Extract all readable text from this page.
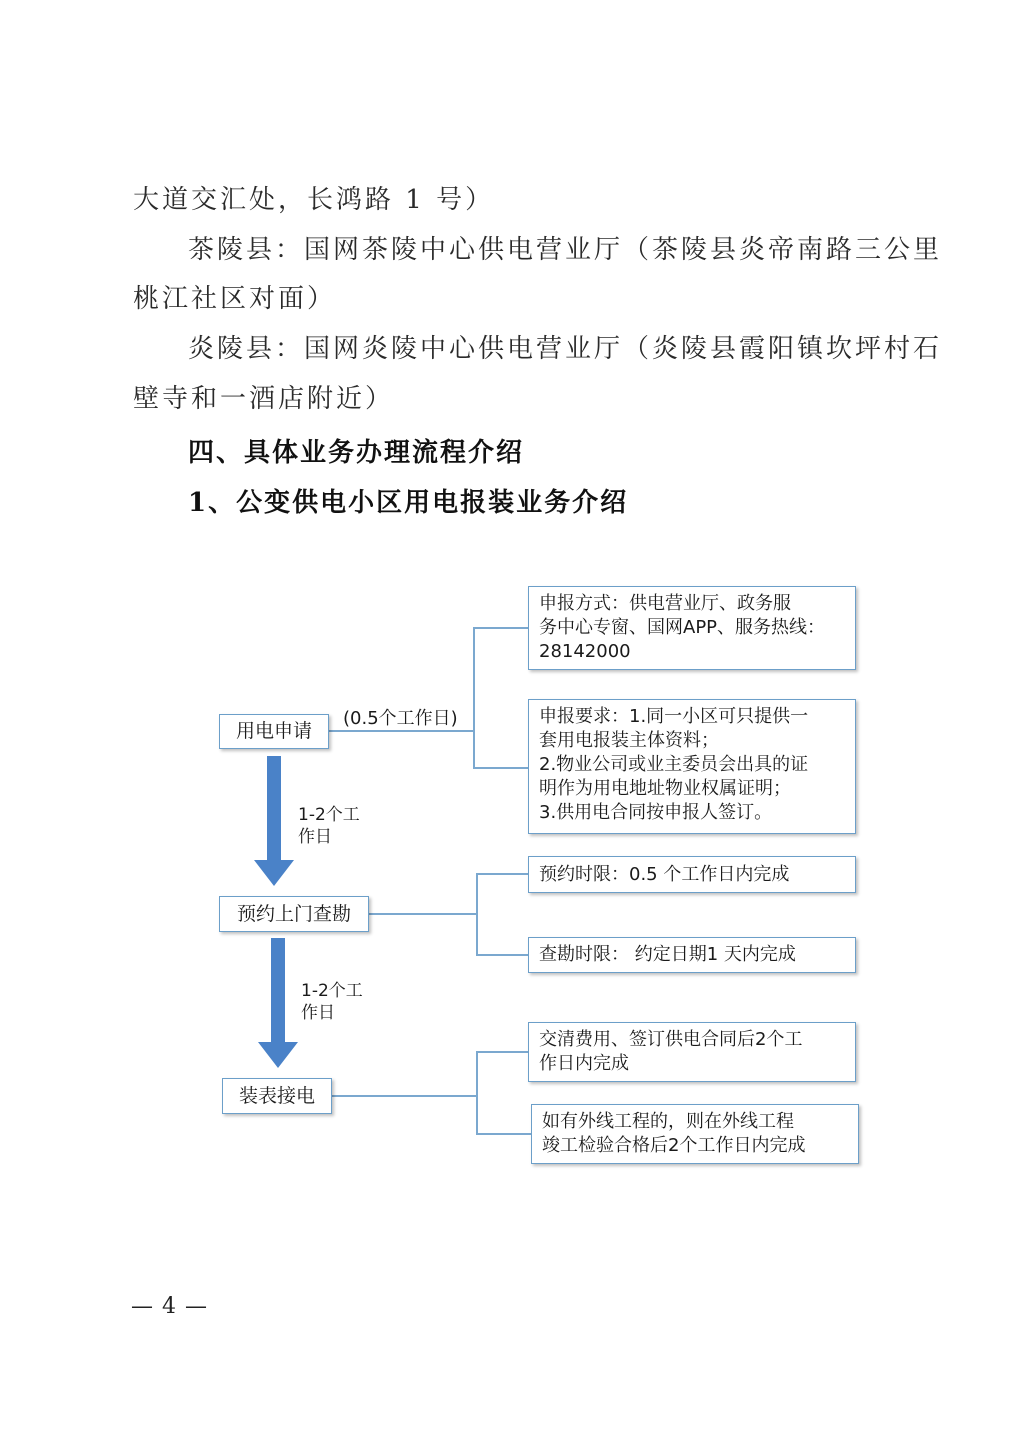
大道交汇处，长鸿路 1 号）
茶陵县：国网茶陵中心供电营业厅（茶陵县炎帝南路三公里
桃江社区对面）
炎陵县：国网炎陵中心供电营业厅（炎陵县霞阳镇坎坪村石
壁寺和一酒店附近）
四、具体业务办理流程介绍
1、公变供电小区用电报装业务介绍
用电申请
预约上门查勘
装表接电
(0.5个工作日)
1-2个工
作日
1-2个工
作日
申报方式：供电营业厅、政务服
务中心专窗、国网APP、服务热线：
28142000
申报要求：1.同一小区可只提供一
套用电报装主体资料；
2.物业公司或业主委员会出具的证
明作为用电地址物业权属证明；
3.供用电合同按申报人签订。
预约时限：0.5 个工作日内完成
查勘时限： 约定日期1 天内完成
交清费用、签订供电合同后2个工
作日内完成
如有外线工程的，则在外线工程
竣工检验合格后2个工作日内完成
— 4 —
